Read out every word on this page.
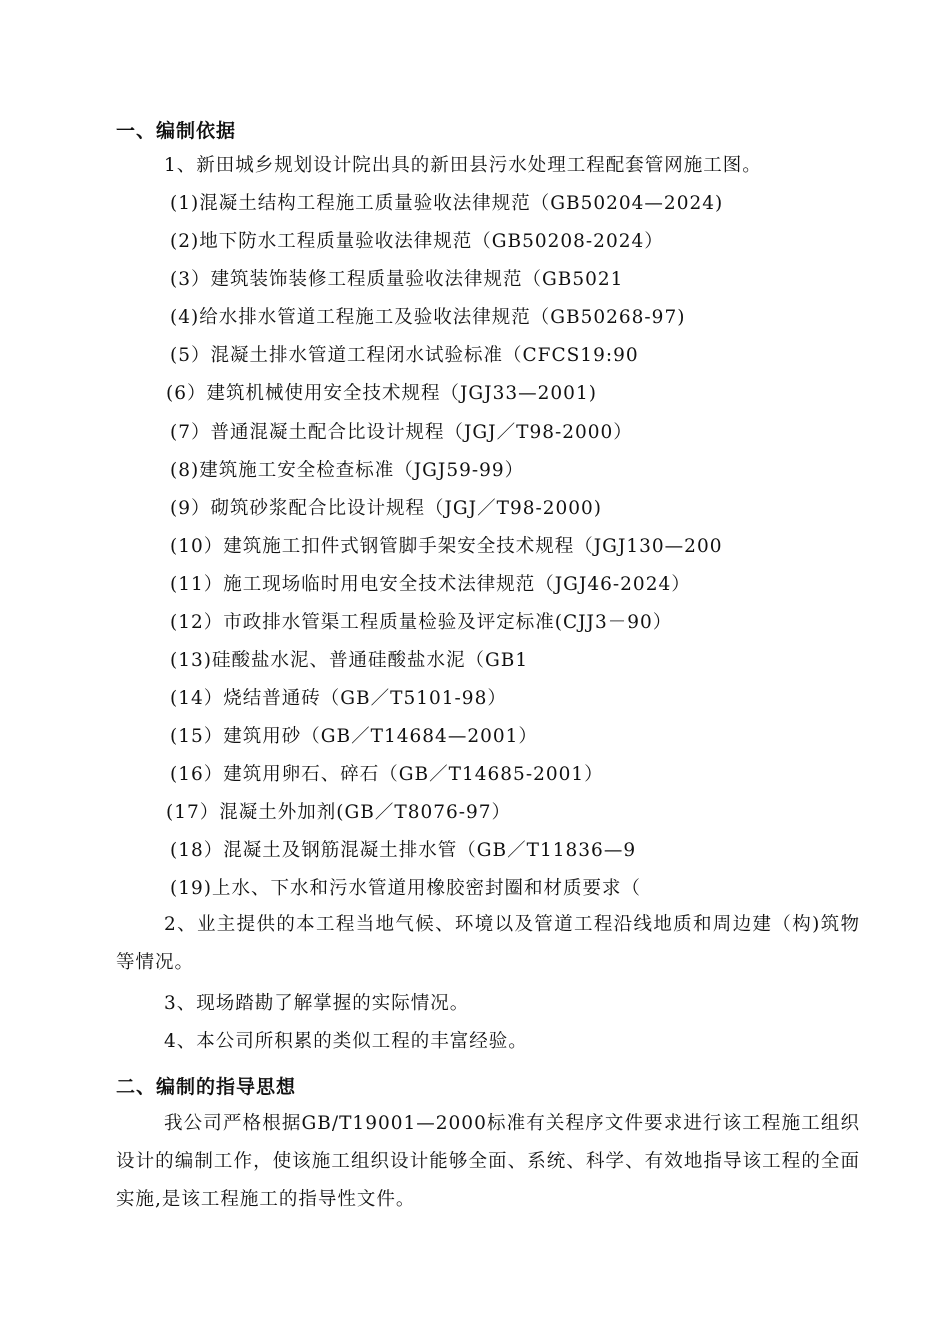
一、编制依据
1、新田城乡规划设计院出具的新田县污水处理工程配套管网施工图。
(1)混凝土结构工程施工质量验收法律规范（GB50204—2024)
(2)地下防水工程质量验收法律规范（GB50208-2024）
(3）建筑装饰装修工程质量验收法律规范（GB5021
(4)给水排水管道工程施工及验收法律规范（GB50268-97)
(5）混凝土排水管道工程闭水试验标准（CFCS19:90
(6）建筑机械使用安全技术规程（JGJ33—2001)
(7）普通混凝土配合比设计规程（JGJ／T98-2000）
(8)建筑施工安全检查标准（JGJ59-99）
(9）砌筑砂浆配合比设计规程（JGJ／T98-2000)
(10）建筑施工扣件式钢管脚手架安全技术规程（JGJ130—200
(11）施工现场临时用电安全技术法律规范（JGJ46-2024）
(12）市政排水管渠工程质量检验及评定标准(CJJ3－90）
(13)硅酸盐水泥、普通硅酸盐水泥（GB1
(14）烧结普通砖（GB／T5101-98）
(15）建筑用砂（GB／T14684—2001）
(16）建筑用卵石、碎石（GB／T14685-2001）
(17）混凝土外加剂(GB／T8076-97）
(18）混凝土及钢筋混凝土排水管（GB／T11836—9
(19)上水、下水和污水管道用橡胶密封圈和材质要求（
2、业主提供的本工程当地气候、环境以及管道工程沿线地质和周边建（构)筑物等情况。
3、现场踏勘了解掌握的实际情况。
4、本公司所积累的类似工程的丰富经验。
二、编制的指导思想
我公司严格根据GB/T19001—2000标准有关程序文件要求进行该工程施工组织设计的编制工作，使该施工组织设计能够全面、系统、科学、有效地指导该工程的全面实施,是该工程施工的指导性文件。
